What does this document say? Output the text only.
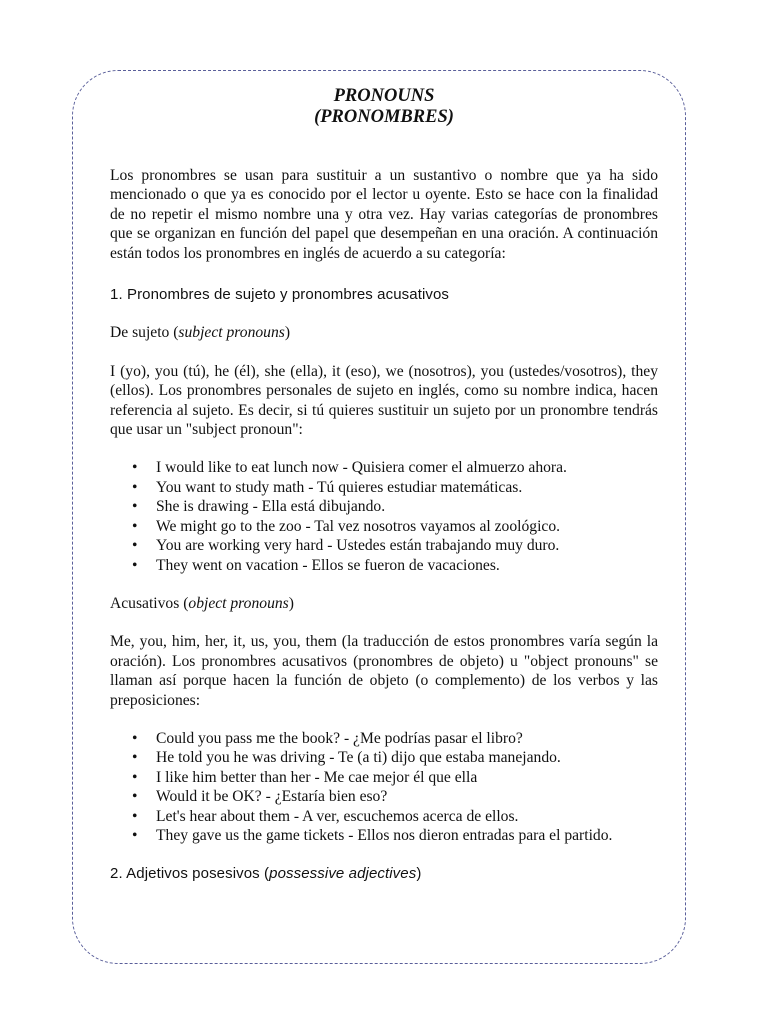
PRONOUNS
(PRONOMBRES)

Los pronombres se usan para sustituir a un sustantivo o nombre que ya ha sido mencionado o que ya es conocido por el lector u oyente. Esto se hace con la finalidad de no repetir el mismo nombre una y otra vez. Hay varias categorías de pronombres que se organizan en función del papel que desempeñan en una oración. A continuación están todos los pronombres en inglés de acuerdo a su categoría:

1. Pronombres de sujeto y pronombres acusativos

De sujeto (subject pronouns)

I (yo), you (tú), he (él), she (ella), it (eso), we (nosotros), you (ustedes/vosotros), they (ellos). Los pronombres personales de sujeto en inglés, como su nombre indica, hacen referencia al sujeto. Es decir, si tú quieres sustituir un sujeto por un pronombre tendrás que usar un "subject pronoun":

• I would like to eat lunch now - Quisiera comer el almuerzo ahora.
• You want to study math - Tú quieres estudiar matemáticas.
• She is drawing - Ella está dibujando.
• We might go to the zoo - Tal vez nosotros vayamos al zoológico.
• You are working very hard - Ustedes están trabajando muy duro.
• They went on vacation - Ellos se fueron de vacaciones.

Acusativos (object pronouns)

Me, you, him, her, it, us, you, them (la traducción de estos pronombres varía según la oración). Los pronombres acusativos (pronombres de objeto) u "object pronouns" se llaman así porque hacen la función de objeto (o complemento) de los verbos y las preposiciones:

• Could you pass me the book? - ¿Me podrías pasar el libro?
• He told you he was driving - Te (a ti) dijo que estaba manejando.
• I like him better than her - Me cae mejor él que ella
• Would it be OK? - ¿Estaría bien eso?
• Let's hear about them - A ver, escuchemos acerca de ellos.
• They gave us the game tickets - Ellos nos dieron entradas para el partido.
2. Adjetivos posesivos (possessive adjectives)
